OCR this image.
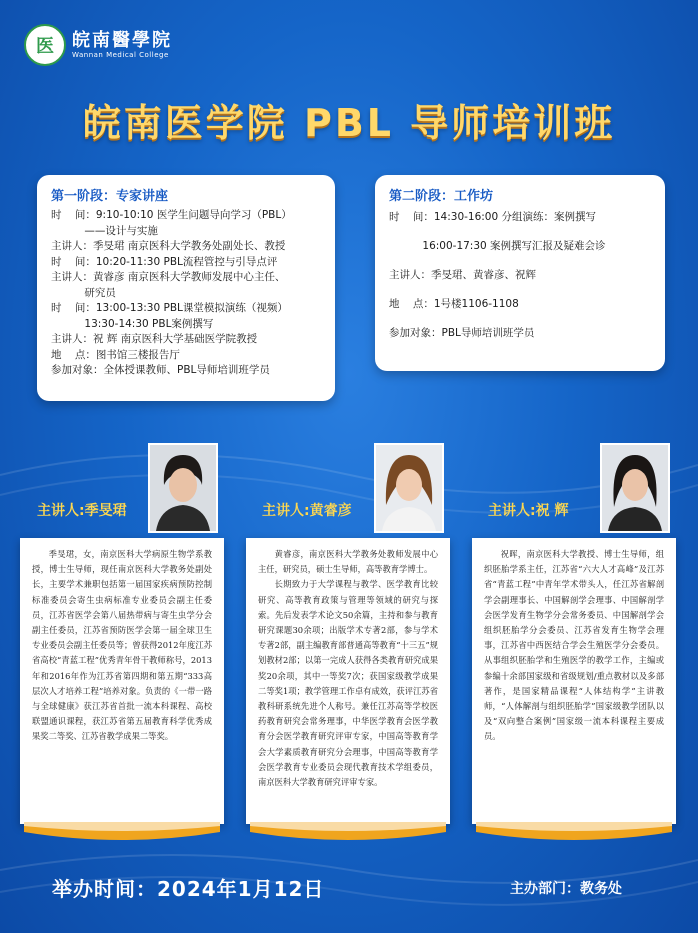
医 皖南醫學院
Wannan Medical College
皖南医学院 PBL 导师培训班
第一阶段：专家讲座
时    间： 9:10-10:10 医学生问题导向学习（PBL）

——设计与实施
主讲人： 季旻珺 南京医科大学教务处副处长、教授
时    间： 10:20-11:30 PBL流程管控与引导点评
主讲人： 黄睿彦 南京医科大学教师发展中心主任、

研究员
时    间： 13:00-13:30 PBL课堂模拟演练（视频）

13:30-14:30 PBL案例撰写
主讲人： 祝 辉 南京医科大学基础医学院教授
地    点： 图书馆三楼报告厅
参加对象： 全体授课教师、PBL导师培训班学员
第二阶段：工作坊
时    间： 14:30-16:00 分组演练：案例撰写

16:00-17:30 案例撰写汇报及疑难会诊
主讲人： 季旻珺、黄睿彦、祝辉
地    点： 1号楼1106-1108
参加对象： PBL导师培训班学员
主讲人:季旻珺
季旻珺，女，南京医科大学病原生物学系教授，博士生导师，现任南京医科大学教务处副处长，主要学术兼职包括第一届国家疾病预防控制标准委员会寄生虫病标准专业委员会副主任委员，江苏省医学会第八届热带病与寄生虫学分会副主任委员，江苏省预防医学会第一届全球卫生专业委员会副主任委员等；曾获得2012年度江苏省高校“青蓝工程”优秀青年骨干教师称号，2013年和2016年作为江苏省第四期和第五期“333高层次人才培养工程”培养对象。负责的《一带一路与全球健康》获江苏省首批一流本科课程、高校联盟通识课程，获江苏省第五届教育科学优秀成果奖二等奖、江苏省教学成果二等奖。
主讲人:黄睿彦

黄睿彦，南京医科大学教务处教师发展中心主任，研究员，硕士生导师，高等教育学博士。

长期致力于大学课程与教学、医学教育比较研究、高等教育政策与管理等领域的研究与探索。先后发表学术论文50余篇，主持和参与教育研究课题30余项；出版学术专著2部，参与学术专著2部，副主编教育部普通高等教育“十三五”规划教材2部；以第一完成人获得各类教育研究成果奖20余项，其中一等奖7次；获国家级教学成果二等奖1项；教学管理工作卓有成效，获评江苏省教科研系统先进个人称号。兼任江苏高等学校医药教育研究会常务理事，中华医学教育会医学教育分会医学教育研究评审专家，中国高等教育学会大学素质教育研究分会理事，中国高等教育学会医学教育专业委员会现代教育技术学组委员，南京医科大学教育研究评审专家。

主讲人:祝 辉
祝晖，南京医科大学教授、博士生导师，组织胚胎学系主任，江苏省“六大人才高峰”及江苏省“青蓝工程”中青年学术带头人，任江苏省解剖学会副理事长、中国解剖学会理事、中国解剖学会医学发育生物学分会常务委员、中国解剖学会组织胚胎学分会委员、江苏省发育生物学会理事，江苏省中西医结合学会生殖医学分会委员。从事组织胚胎学和生殖医学的教学工作，主编或参编十余部国家级和省级规划/重点教材以及多部著作，是国家精品课程“人体结构学”主讲教师，“人体解剖与组织胚胎学”国家级教学团队以及“双向整合案例”国家级一流本科课程主要成员。
举办时间：2024年1月12日	主办部门：教务处
